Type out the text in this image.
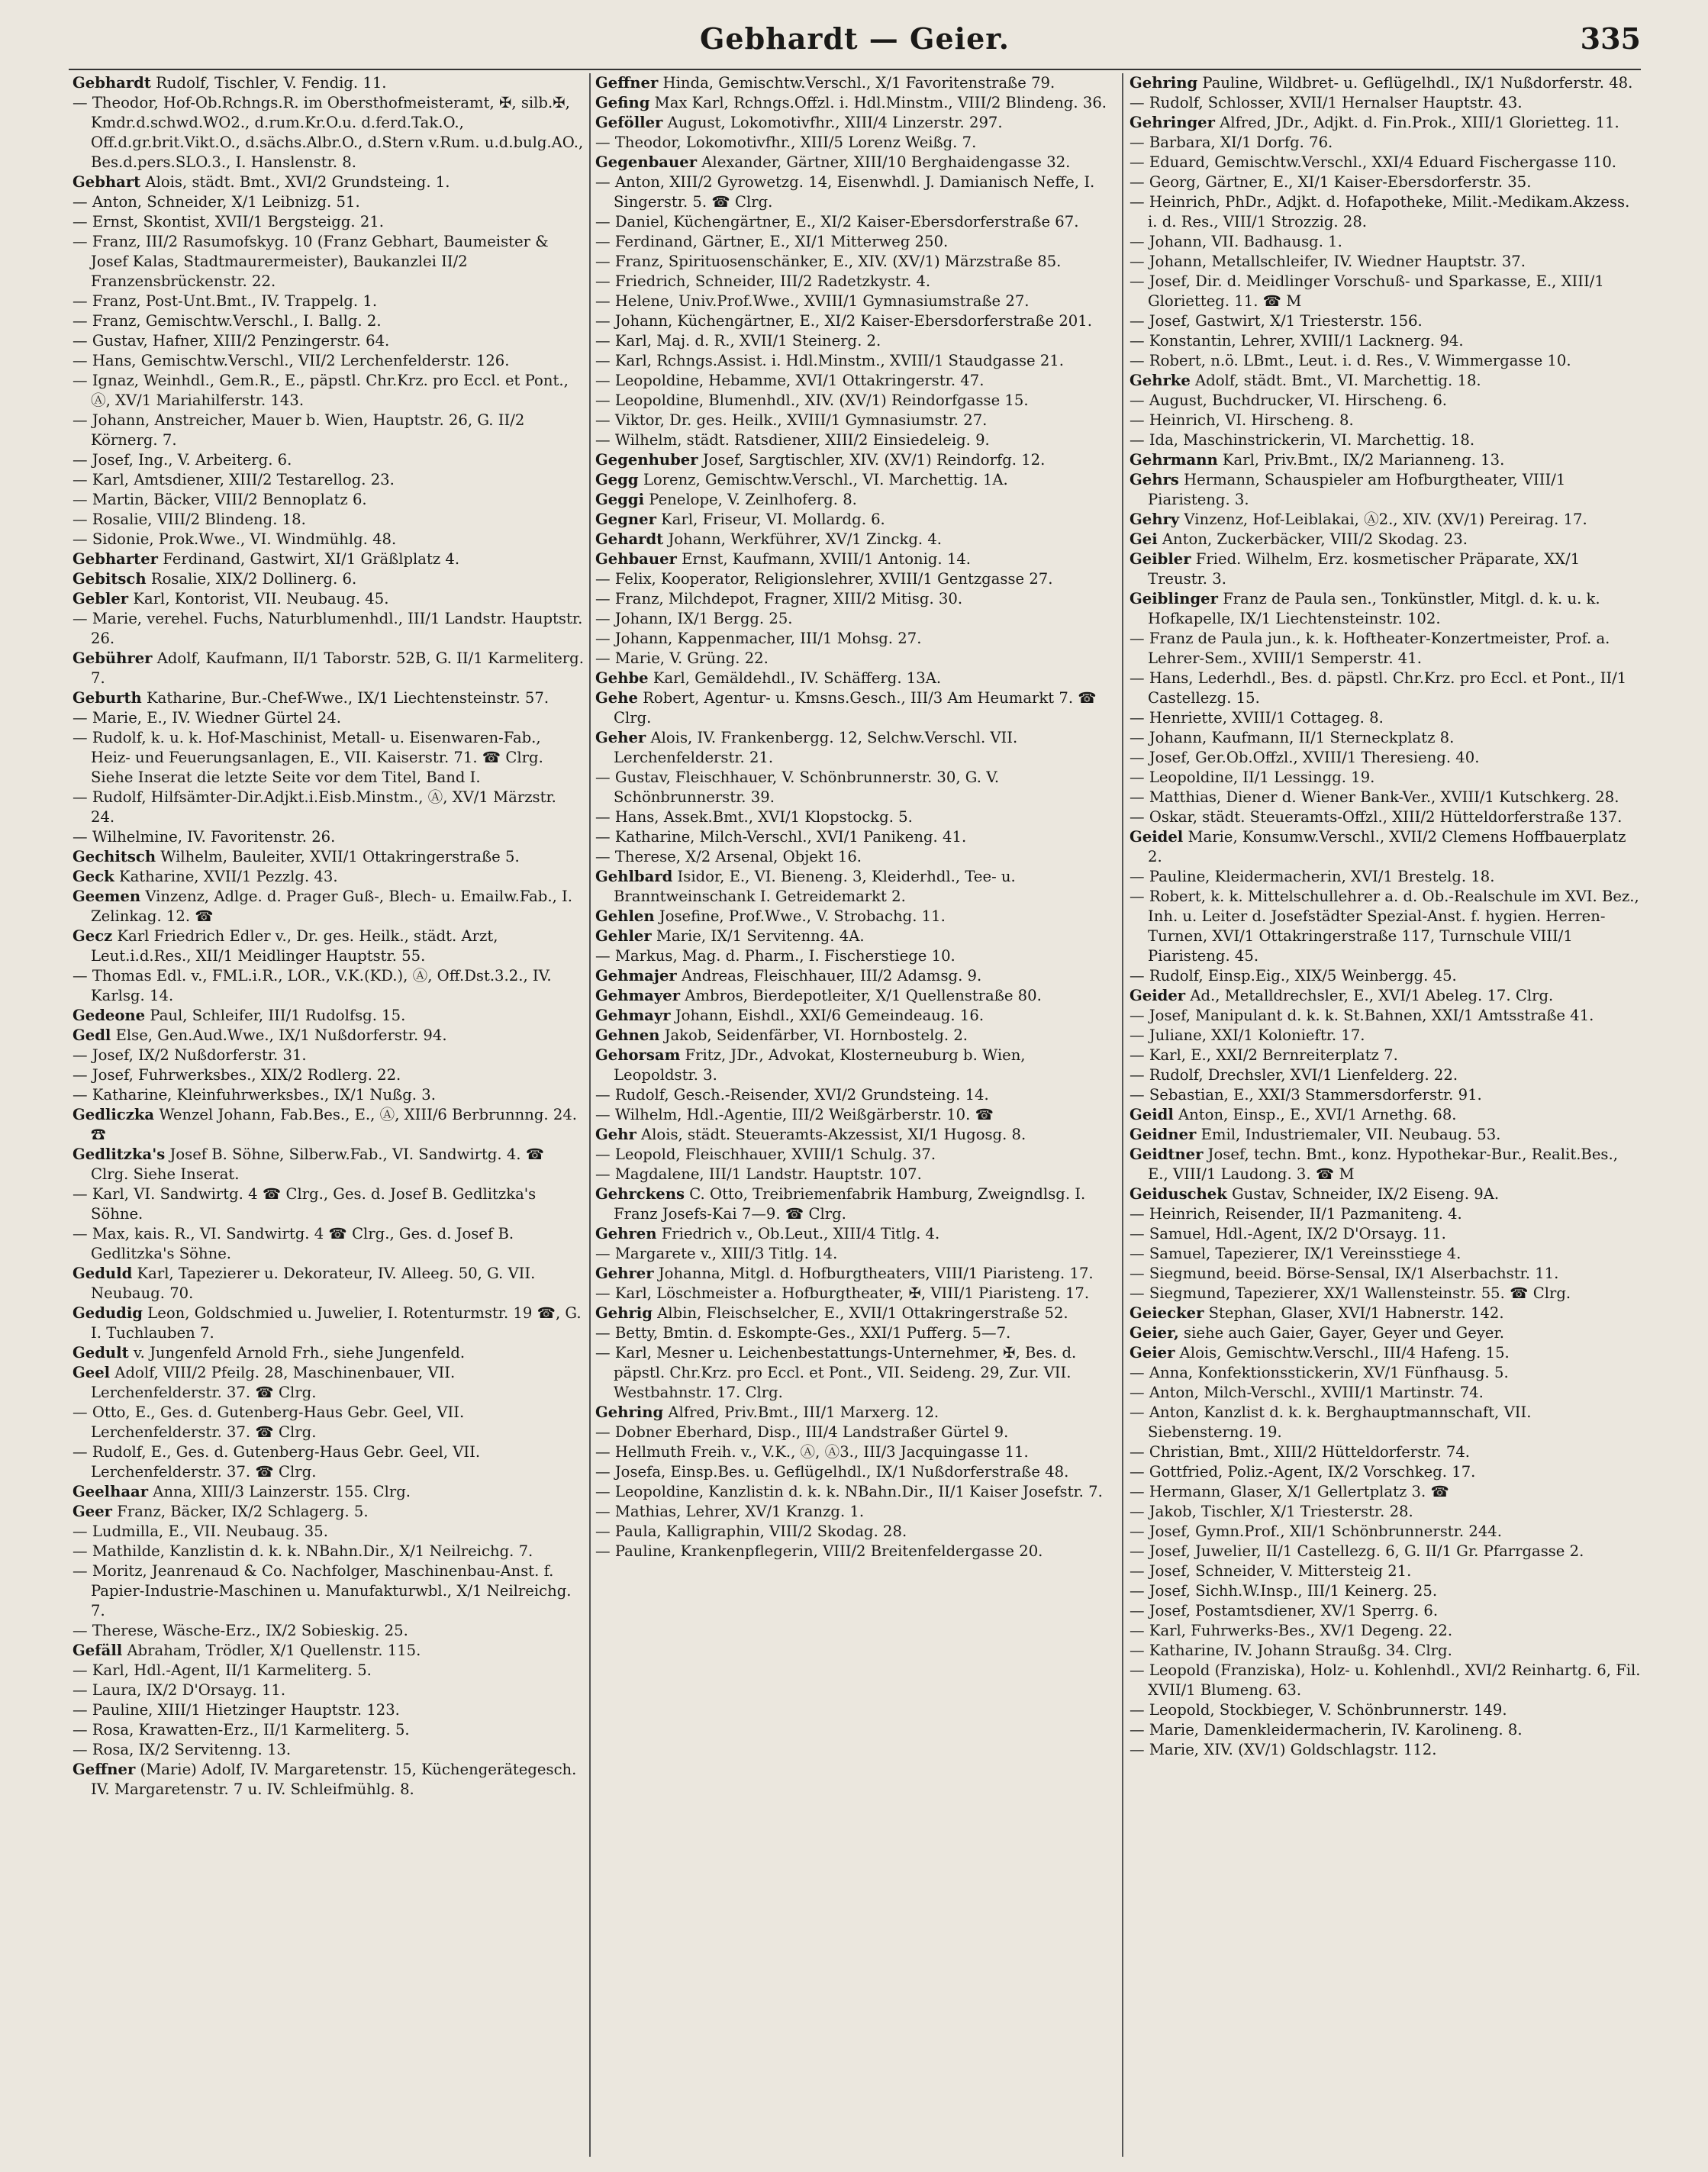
Gebhardt — Geier.	335

Gebhardt Rudolf, Tischler, V. Fendig. 11.

— Theodor, Hof-Ob.Rchngs.R. im Obersthofmeisteramt, ✠, silb.✠, Kmdr.d.schwd.WO2., d.rum.Kr.O.u. d.ferd.Tak.O., Off.d.gr.brit.Vikt.O., d.sächs.Albr.O., d.Stern v.Rum. u.d.bulg.AO., Bes.d.pers.SLO.3., I. Hanslenstr. 8.

Gebhart Alois, städt. Bmt., XVI/2 Grundsteing. 1.

— Anton, Schneider, X/1 Leibnizg. 51.

— Ernst, Skontist, XVII/1 Bergsteigg. 21.

— Franz, III/2 Rasumofskyg. 10 (Franz Gebhart, Baumeister & Josef Kalas, Stadtmaurermeister), Baukanzlei II/2 Franzensbrückenstr. 22.

— Franz, Post-Unt.Bmt., IV. Trappelg. 1.

— Franz, Gemischtw.Verschl., I. Ballg. 2.

— Gustav, Hafner, XIII/2 Penzingerstr. 64.

— Hans, Gemischtw.Verschl., VII/2 Lerchenfelderstr. 126.

— Ignaz, Weinhdl., Gem.R., E., päpstl. Chr.Krz. pro Eccl. et Pont., Ⓐ, XV/1 Mariahilferstr. 143.

— Johann, Anstreicher, Mauer b. Wien, Hauptstr. 26, G. II/2 Körnerg. 7.

— Josef, Ing., V. Arbeiterg. 6.

— Karl, Amtsdiener, XIII/2 Testarellog. 23.

— Martin, Bäcker, VIII/2 Bennoplatz 6.

— Rosalie, VIII/2 Blindeng. 18.

— Sidonie, Prok.Wwe., VI. Windmühlg. 48.

Gebharter Ferdinand, Gastwirt, XI/1 Gräßlplatz 4.

Gebitsch Rosalie, XIX/2 Dollinerg. 6.

Gebler Karl, Kontorist, VII. Neubaug. 45.

— Marie, verehel. Fuchs, Naturblumenhdl., III/1 Landstr. Hauptstr. 26.

Gebührer Adolf, Kaufmann, II/1 Taborstr. 52B, G. II/1 Karmeliterg. 7.

Geburth Katharine, Bur.-Chef-Wwe., IX/1 Liechtensteinstr. 57.

— Marie, E., IV. Wiedner Gürtel 24.

— Rudolf, k. u. k. Hof-Maschinist, Metall- u. Eisenwaren-Fab., Heiz- und Feuerungsanlagen, E., VII. Kaiserstr. 71. ☎ Clrg. Siehe Inserat die letzte Seite vor dem Titel, Band I.

— Rudolf, Hilfsämter-Dir.Adjkt.i.Eisb.Minstm., Ⓐ, XV/1 Märzstr. 24.

— Wilhelmine, IV. Favoritenstr. 26.

Gechitsch Wilhelm, Bauleiter, XVII/1 Ottakringerstraße 5.

Geck Katharine, XVII/1 Pezzlg. 43.

Geemen Vinzenz, Adlge. d. Prager Guß-, Blech- u. Emailw.Fab., I. Zelinkag. 12. ☎

Gecz Karl Friedrich Edler v., Dr. ges. Heilk., städt. Arzt, Leut.i.d.Res., XII/1 Meidlinger Hauptstr. 55.

— Thomas Edl. v., FML.i.R., LOR., V.K.(KD.), Ⓐ, Off.Dst.3.2., IV. Karlsg. 14.

Gedeone Paul, Schleifer, III/1 Rudolfsg. 15.

Gedl Else, Gen.Aud.Wwe., IX/1 Nußdorferstr. 94.

— Josef, IX/2 Nußdorferstr. 31.

— Josef, Fuhrwerksbes., XIX/2 Rodlerg. 22.

— Katharine, Kleinfuhrwerksbes., IX/1 Nußg. 3.

Gedliczka Wenzel Johann, Fab.Bes., E., Ⓐ, XIII/6 Berbrunnng. 24. ☎

Gedlitzka's Josef B. Söhne, Silberw.Fab., VI. Sandwirtg. 4. ☎ Clrg. Siehe Inserat.

— Karl, VI. Sandwirtg. 4 ☎ Clrg., Ges. d. Josef B. Gedlitzka's Söhne.

— Max, kais. R., VI. Sandwirtg. 4 ☎ Clrg., Ges. d. Josef B. Gedlitzka's Söhne.

Geduld Karl, Tapezierer u. Dekorateur, IV. Alleeg. 50, G. VII. Neubaug. 70.

Gedudig Leon, Goldschmied u. Juwelier, I. Rotenturmstr. 19 ☎, G. I. Tuchlauben 7.

Gedult v. Jungenfeld Arnold Frh., siehe Jungenfeld.

Geel Adolf, VIII/2 Pfeilg. 28, Maschinenbauer, VII. Lerchenfelderstr. 37. ☎ Clrg.

— Otto, E., Ges. d. Gutenberg-Haus Gebr. Geel, VII. Lerchenfelderstr. 37. ☎ Clrg.

— Rudolf, E., Ges. d. Gutenberg-Haus Gebr. Geel, VII. Lerchenfelderstr. 37. ☎ Clrg.

Geelhaar Anna, XIII/3 Lainzerstr. 155. Clrg.

Geer Franz, Bäcker, IX/2 Schlagerg. 5.

— Ludmilla, E., VII. Neubaug. 35.

— Mathilde, Kanzlistin d. k. k. NBahn.Dir., X/1 Neilreichg. 7.

— Moritz, Jeanrenaud & Co. Nachfolger, Maschinenbau-Anst. f. Papier-Industrie-Maschinen u. Manufakturwbl., X/1 Neilreichg. 7.

— Therese, Wäsche-Erz., IX/2 Sobieskig. 25.

Gefäll Abraham, Trödler, X/1 Quellenstr. 115.

— Karl, Hdl.-Agent, II/1 Karmeliterg. 5.

— Laura, IX/2 D'Orsayg. 11.

— Pauline, XIII/1 Hietzinger Hauptstr. 123.

— Rosa, Krawatten-Erz., II/1 Karmeliterg. 5.

— Rosa, IX/2 Servitenng. 13.

Geffner (Marie) Adolf, IV. Margaretenstr. 15, Küchengerätegesch. IV. Margaretenstr. 7 u. IV. Schleifmühlg. 8.

Geffner Hinda, Gemischtw.Verschl., X/1 Favoritenstraße 79.

Gefing Max Karl, Rchngs.Offzl. i. Hdl.Minstm., VIII/2 Blindeng. 36.

Geföller August, Lokomotivfhr., XIII/4 Linzerstr. 297.

— Theodor, Lokomotivfhr., XIII/5 Lorenz Weißg. 7.

Gegenbauer Alexander, Gärtner, XIII/10 Berghaidengasse 32.

— Anton, XIII/2 Gyrowetzg. 14, Eisenwhdl. J. Damianisch Neffe, I. Singerstr. 5. ☎ Clrg.

— Daniel, Küchengärtner, E., XI/2 Kaiser-Ebersdorferstraße 67.

— Ferdinand, Gärtner, E., XI/1 Mitterweg 250.

— Franz, Spirituosenschänker, E., XIV. (XV/1) Märzstraße 85.

— Friedrich, Schneider, III/2 Radetzkystr. 4.

— Helene, Univ.Prof.Wwe., XVIII/1 Gymnasiumstraße 27.

— Johann, Küchengärtner, E., XI/2 Kaiser-Ebersdorferstraße 201.

— Karl, Maj. d. R., XVII/1 Steinerg. 2.

— Karl, Rchngs.Assist. i. Hdl.Minstm., XVIII/1 Staudgasse 21.

— Leopoldine, Hebamme, XVI/1 Ottakringerstr. 47.

— Leopoldine, Blumenhdl., XIV. (XV/1) Reindorfgasse 15.

— Viktor, Dr. ges. Heilk., XVIII/1 Gymnasiumstr. 27.

— Wilhelm, städt. Ratsdiener, XIII/2 Einsiedeleig. 9.

Gegenhuber Josef, Sargtischler, XIV. (XV/1) Reindorfg. 12.

Gegg Lorenz, Gemischtw.Verschl., VI. Marchettig. 1A.

Geggi Penelope, V. Zeinlhoferg. 8.

Gegner Karl, Friseur, VI. Mollardg. 6.

Gehardt Johann, Werkführer, XV/1 Zinckg. 4.

Gehbauer Ernst, Kaufmann, XVIII/1 Antonig. 14.

— Felix, Kooperator, Religionslehrer, XVIII/1 Gentzgasse 27.

— Franz, Milchdepot, Fragner, XIII/2 Mitisg. 30.

— Johann, IX/1 Bergg. 25.

— Johann, Kappenmacher, III/1 Mohsg. 27.

— Marie, V. Grüng. 22.

Gehbe Karl, Gemäldehdl., IV. Schäfferg. 13A.

Gehe Robert, Agentur- u. Kmsns.Gesch., III/3 Am Heumarkt 7. ☎ Clrg.

Geher Alois, IV. Frankenbergg. 12, Selchw.Verschl. VII. Lerchenfelderstr. 21.

— Gustav, Fleischhauer, V. Schönbrunnerstr. 30, G. V. Schönbrunnerstr. 39.

— Hans, Assek.Bmt., XVI/1 Klopstockg. 5.

— Katharine, Milch-Verschl., XVI/1 Panikeng. 41.

— Therese, X/2 Arsenal, Objekt 16.

Gehlbard Isidor, E., VI. Bieneng. 3, Kleiderhdl., Tee- u. Branntweinschank I. Getreidemarkt 2.

Gehlen Josefine, Prof.Wwe., V. Strobachg. 11.

Gehler Marie, IX/1 Servitenng. 4A.

— Markus, Mag. d. Pharm., I. Fischerstiege 10.

Gehmajer Andreas, Fleischhauer, III/2 Adamsg. 9.

Gehmayer Ambros, Bierdepotleiter, X/1 Quellenstraße 80.

Gehmayr Johann, Eishdl., XXI/6 Gemeindeaug. 16.

Gehnen Jakob, Seidenfärber, VI. Hornbostelg. 2.

Gehorsam Fritz, JDr., Advokat, Klosterneuburg b. Wien, Leopoldstr. 3.

— Rudolf, Gesch.-Reisender, XVI/2 Grundsteing. 14.

— Wilhelm, Hdl.-Agentie, III/2 Weißgärberstr. 10. ☎

Gehr Alois, städt. Steueramts-Akzessist, XI/1 Hugosg. 8.

— Leopold, Fleischhauer, XVIII/1 Schulg. 37.

— Magdalene, III/1 Landstr. Hauptstr. 107.

Gehrckens C. Otto, Treibriemenfabrik Hamburg, Zweigndlsg. I. Franz Josefs-Kai 7—9. ☎ Clrg.

Gehren Friedrich v., Ob.Leut., XIII/4 Titlg. 4.

— Margarete v., XIII/3 Titlg. 14.

Gehrer Johanna, Mitgl. d. Hofburgtheaters, VIII/1 Piaristeng. 17.

— Karl, Löschmeister a. Hofburgtheater, ✠, VIII/1 Piaristeng. 17.

Gehrig Albin, Fleischselcher, E., XVII/1 Ottakringerstraße 52.

— Betty, Bmtin. d. Eskompte-Ges., XXI/1 Pufferg. 5—7.

— Karl, Mesner u. Leichenbestattungs-Unternehmer, ✠, Bes. d. päpstl. Chr.Krz. pro Eccl. et Pont., VII. Seideng. 29, Zur. VII. Westbahnstr. 17. Clrg.

Gehring Alfred, Priv.Bmt., III/1 Marxerg. 12.

— Dobner Eberhard, Disp., III/4 Landstraßer Gürtel 9.

— Hellmuth Freih. v., V.K., Ⓐ, Ⓐ3., III/3 Jacquingasse 11.

— Josefa, Einsp.Bes. u. Geflügelhdl., IX/1 Nußdorferstraße 48.

— Leopoldine, Kanzlistin d. k. k. NBahn.Dir., II/1 Kaiser Josefstr. 7.

— Mathias, Lehrer, XV/1 Kranzg. 1.

— Paula, Kalligraphin, VIII/2 Skodag. 28.

— Pauline, Krankenpflegerin, VIII/2 Breitenfeldergasse 20.

Gehring Pauline, Wildbret- u. Geflügelhdl., IX/1 Nußdorferstr. 48.

— Rudolf, Schlosser, XVII/1 Hernalser Hauptstr. 43.

Gehringer Alfred, JDr., Adjkt. d. Fin.Prok., XIII/1 Glorietteg. 11.

— Barbara, XI/1 Dorfg. 76.

— Eduard, Gemischtw.Verschl., XXI/4 Eduard Fischergasse 110.

— Georg, Gärtner, E., XI/1 Kaiser-Ebersdorferstr. 35.

— Heinrich, PhDr., Adjkt. d. Hofapotheke, Milit.-Medikam.Akzess. i. d. Res., VIII/1 Strozzig. 28.

— Johann, VII. Badhausg. 1.

— Johann, Metallschleifer, IV. Wiedner Hauptstr. 37.

— Josef, Dir. d. Meidlinger Vorschuß- und Sparkasse, E., XIII/1 Glorietteg. 11. ☎ M

— Josef, Gastwirt, X/1 Triesterstr. 156.

— Konstantin, Lehrer, XVIII/1 Lacknerg. 94.

— Robert, n.ö. LBmt., Leut. i. d. Res., V. Wimmergasse 10.

Gehrke Adolf, städt. Bmt., VI. Marchettig. 18.

— August, Buchdrucker, VI. Hirscheng. 6.

— Heinrich, VI. Hirscheng. 8.

— Ida, Maschinstrickerin, VI. Marchettig. 18.

Gehrmann Karl, Priv.Bmt., IX/2 Marianneng. 13.

Gehrs Hermann, Schauspieler am Hofburgtheater, VIII/1 Piaristeng. 3.

Gehry Vinzenz, Hof-Leiblakai, Ⓐ2., XIV. (XV/1) Pereirag. 17.

Gei Anton, Zuckerbäcker, VIII/2 Skodag. 23.

Geibler Fried. Wilhelm, Erz. kosmetischer Präparate, XX/1 Treustr. 3.

Geiblinger Franz de Paula sen., Tonkünstler, Mitgl. d. k. u. k. Hofkapelle, IX/1 Liechtensteinstr. 102.

— Franz de Paula jun., k. k. Hoftheater-Konzertmeister, Prof. a. Lehrer-Sem., XVIII/1 Semperstr. 41.

— Hans, Lederhdl., Bes. d. päpstl. Chr.Krz. pro Eccl. et Pont., II/1 Castellezg. 15.

— Henriette, XVIII/1 Cottageg. 8.

— Johann, Kaufmann, II/1 Sterneckplatz 8.

— Josef, Ger.Ob.Offzl., XVIII/1 Theresieng. 40.

— Leopoldine, II/1 Lessingg. 19.

— Matthias, Diener d. Wiener Bank-Ver., XVIII/1 Kutschkerg. 28.

— Oskar, städt. Steueramts-Offzl., XIII/2 Hütteldorferstraße 137.

Geidel Marie, Konsumw.Verschl., XVII/2 Clemens Hoffbauerplatz 2.

— Pauline, Kleidermacherin, XVI/1 Brestelg. 18.

— Robert, k. k. Mittelschullehrer a. d. Ob.-Realschule im XVI. Bez., Inh. u. Leiter d. Josefstädter Spezial-Anst. f. hygien. Herren-Turnen, XVI/1 Ottakringerstraße 117, Turnschule VIII/1 Piaristeng. 45.

— Rudolf, Einsp.Eig., XIX/5 Weinbergg. 45.

Geider Ad., Metalldrechsler, E., XVI/1 Abeleg. 17. Clrg.

— Josef, Manipulant d. k. k. St.Bahnen, XXI/1 Amtsstraße 41.

— Juliane, XXI/1 Kolonieftr. 17.

— Karl, E., XXI/2 Bernreiterplatz 7.

— Rudolf, Drechsler, XVI/1 Lienfelderg. 22.

— Sebastian, E., XXI/3 Stammersdorferstr. 91.

Geidl Anton, Einsp., E., XVI/1 Arnethg. 68.

Geidner Emil, Industriemaler, VII. Neubaug. 53.

Geidtner Josef, techn. Bmt., konz. Hypothekar-Bur., Realit.Bes., E., VIII/1 Laudong. 3. ☎ M

Geiduschek Gustav, Schneider, IX/2 Eiseng. 9A.

— Heinrich, Reisender, II/1 Pazmaniteng. 4.

— Samuel, Hdl.-Agent, IX/2 D'Orsayg. 11.

— Samuel, Tapezierer, IX/1 Vereinsstiege 4.

— Siegmund, beeid. Börse-Sensal, IX/1 Alserbachstr. 11.

— Siegmund, Tapezierer, XX/1 Wallensteinstr. 55. ☎ Clrg.

Geiecker Stephan, Glaser, XVI/1 Habnerstr. 142.

Geier, siehe auch Gaier, Gayer, Geyer und Geyer.

Geier Alois, Gemischtw.Verschl., III/4 Hafeng. 15.

— Anna, Konfektionsstickerin, XV/1 Fünfhausg. 5.

— Anton, Milch-Verschl., XVIII/1 Martinstr. 74.

— Anton, Kanzlist d. k. k. Berghauptmannschaft, VII. Siebensterng. 19.

— Christian, Bmt., XIII/2 Hütteldorferstr. 74.

— Gottfried, Poliz.-Agent, IX/2 Vorschkeg. 17.

— Hermann, Glaser, X/1 Gellertplatz 3. ☎

— Jakob, Tischler, X/1 Triesterstr. 28.

— Josef, Gymn.Prof., XII/1 Schönbrunnerstr. 244.

— Josef, Juwelier, II/1 Castellezg. 6, G. II/1 Gr. Pfarrgasse 2.

— Josef, Schneider, V. Mittersteig 21.

— Josef, Sichh.W.Insp., III/1 Keinerg. 25.

— Josef, Postamtsdiener, XV/1 Sperrg. 6.

— Karl, Fuhrwerks-Bes., XV/1 Degeng. 22.

— Katharine, IV. Johann Straußg. 34. Clrg.

— Leopold (Franziska), Holz- u. Kohlenhdl., XVI/2 Reinhartg. 6, Fil. XVII/1 Blumeng. 63.

— Leopold, Stockbieger, V. Schönbrunnerstr. 149.

— Marie, Damenkleidermacherin, IV. Karolineng. 8.

— Marie, XIV. (XV/1) Goldschlagstr. 112.
